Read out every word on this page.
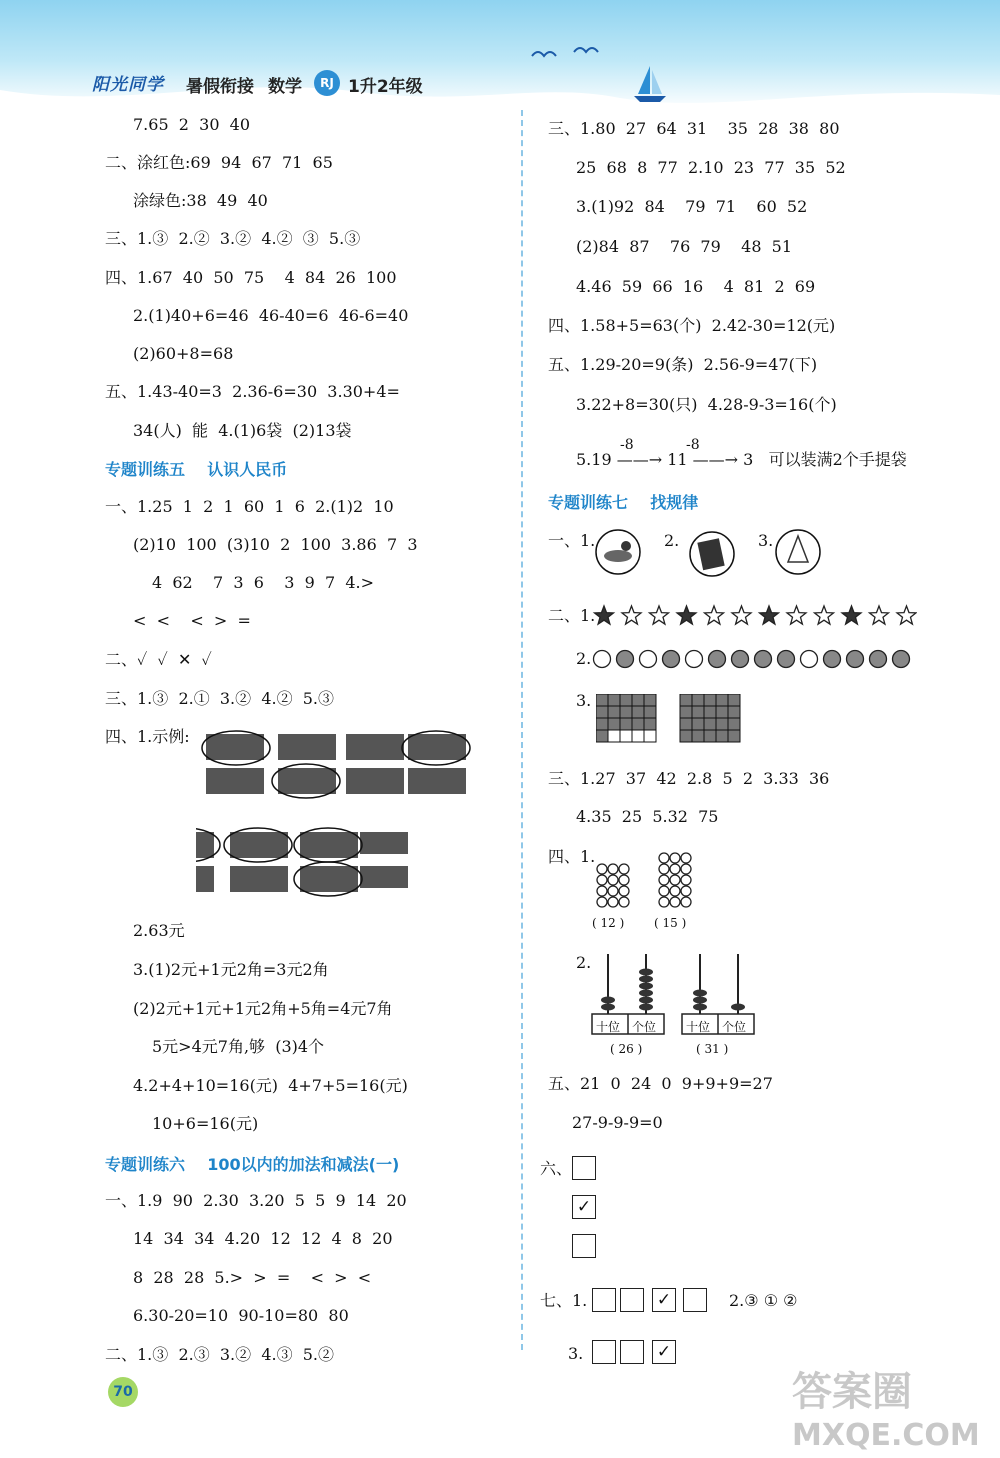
阳光同学	暑假衔接 数学	RJ 1升2年级
7.65  2  30  40
二、涂红色:69  94  67  71  65
涂绿色:38  49  40
三、1.③  2.②  3.②  4.②  ③  5.③
四、1.67  40  50  75    4  84  26  100
2.(1)40+6=46  46-40=6  46-6=40
(2)60+8=68
五、1.43-40=3  2.36-6=30  3.30+4=
34(人)  能  4.(1)6袋  (2)13袋
专题训练五    认识人民币
一、1.25  1  2  1  60  1  6  2.(1)2  10
(2)10  100  (3)10  2  100  3.86  7  3
4  62    7  3  6    3  9  7  4.>
<  <    <  >  =
二、✓  ✓  ✕  ✓
三、1.③  2.①  3.②  4.②  5.③
四、1.示例:
2.63元
3.(1)2元+1元2角=3元2角
(2)2元+1元+1元2角+5角=4元7角
5元>4元7角,够  (3)4个
4.2+4+10=16(元)  4+7+5=16(元)
10+6=16(元)
专题训练六    100以内的加法和减法(一)
一、1.9  90  2.30  3.20  5  5  9  14  20
14  34  34  4.20  12  12  4  8  20
8  28  28  5.>  >  =    <  >  <
6.30-20=10  90-10=80  80
二、1.③  2.③  3.②  4.③  5.②
三、1.80  27  64  31    35  28  38  80
25  68  8  77  2.10  23  77  35  52
3.(1)92  84    79  71    60  52
(2)84  87    76  79    48  51
4.46  59  66  16    4  81  2  69
四、1.58+5=63(个)  2.42-30=12(元)
五、1.29-20=9(条)  2.56-9=47(下)
3.22+8=30(只)  4.28-9-3=16(个)
5.19 ——→ 11 ——→ 3   可以装满2个手提袋
-8	-8
专题训练七    找规律
一、1.	2.	3.
二、1.
2.
3.
三、1.27  37  42  2.8  5  2  3.33  36
4.35  25  5.32  75
四、1.
( 12 ) ( 15 )
2.
十位 个位 十位 个位
( 26 )	( 31 )
五、21  0  24  0  9+9+9=27
27-9-9-9=0
六、
✓
七、1.	✓	2.③ ① ②
3.	✓
70	答案圈
MXQE.COM
